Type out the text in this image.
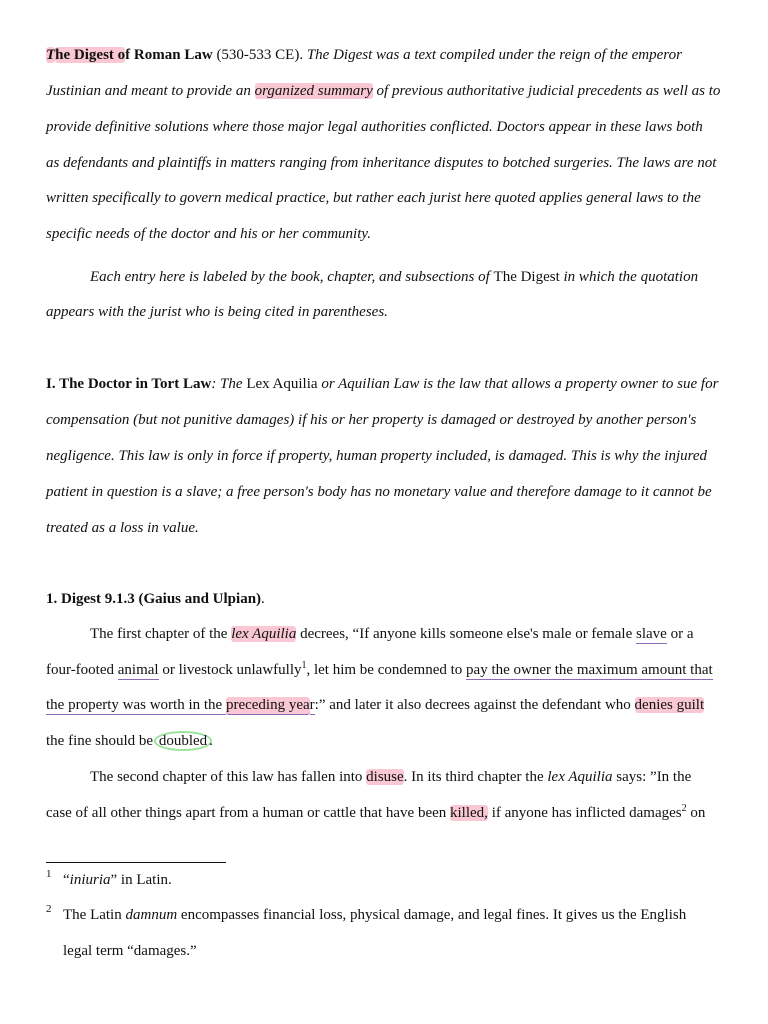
The Digest of Roman Law (530-533 CE). The Digest was a text compiled under the reign of the emperor
Justinian and meant to provide an organized summary of previous authoritative judicial precedents as well as to
provide definitive solutions where those major legal authorities conflicted. Doctors appear in these laws both
as defendants and plaintiffs in matters ranging from inheritance disputes to botched surgeries. The laws are not
written specifically to govern medical practice, but rather each jurist here quoted applies general laws to the
specific needs of the doctor and his or her community.
Each entry here is labeled by the book, chapter, and subsections of The Digest in which the quotation
appears with the jurist who is being cited in parentheses.
I. The Doctor in Tort Law: The Lex Aquilia or Aquilian Law is the law that allows a property owner to sue for
compensation (but not punitive damages) if his or her property is damaged or destroyed by another person's
negligence. This law is only in force if property, human property included, is damaged. This is why the injured
patient in question is a slave; a free person's body has no monetary value and therefore damage to it cannot be
treated as a loss in value.
1. Digest 9.1.3 (Gaius and Ulpian).
The first chapter of the lex Aquilia decrees, “If anyone kills someone else's male or female slave or a
four-footed animal or livestock unlawfully$^1$, let him be condemned to pay the owner the maximum amount that
the property was worth in the preceding year:” and later it also decrees against the defendant who denies guilt
the fine should be doubled .
The second chapter of this law has fallen into disuse. In its third chapter the lex Aquilia says: ”In the
case of all other things apart from a human or cattle that have been killed, if anyone has inflicted damages$^2$ on
1 “iniuria” in Latin.
2 The Latin damnum encompasses financial loss, physical damage, and legal fines. It gives us the English
legal term “damages.”
